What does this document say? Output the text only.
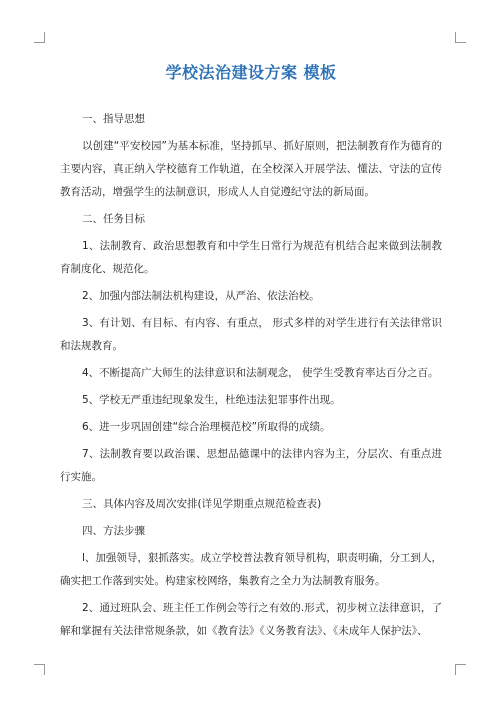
学校法治建设方案 模板

一、指导思想

以创建“平安校园”为基本标准，坚持抓早、抓好原则，把法制教育作为德育的主要内容，真正纳入学校德育工作轨道，在全校深入开展学法、懂法、守法的宣传教育活动，增强学生的法制意识，形成人人自觉遵纪守法的新局面。

二、任务目标

1、法制教育、政治思想教育和中学生日常行为规范有机结合起来做到法制教育制度化、规范化。

2、加强内部法制法机构建设，从严治、依法治校。

3、有计划、有目标、有内容、有重点， 形式多样的对学生进行有关法律常识和法规教育。

4、不断提高广大师生的法律意识和法制观念， 使学生受教育率达百分之百。

5、学校无严重违纪现象发生，杜绝违法犯罪事件出现。

6、进一步巩固创建“综合治理模范校”所取得的成绩。

7、法制教育要以政治课、思想品德课中的法律内容为主，分层次、有重点进行实施。

三、具体内容及周次安排(详见学期重点规范检查表)

四、方法步骤

l、加强领导，狠抓落实。成立学校普法教育领导机构，职责明确，分工到人，确实把工作落到实处。构建家校网络，集教育之全力为法制教育服务。

2、通过班队会、班主任工作例会等行之有效的.形式，初步树立法律意识，了解和掌握有关法律常规条款，如《教育法》《义务教育法》、《未成年人保护法》、
